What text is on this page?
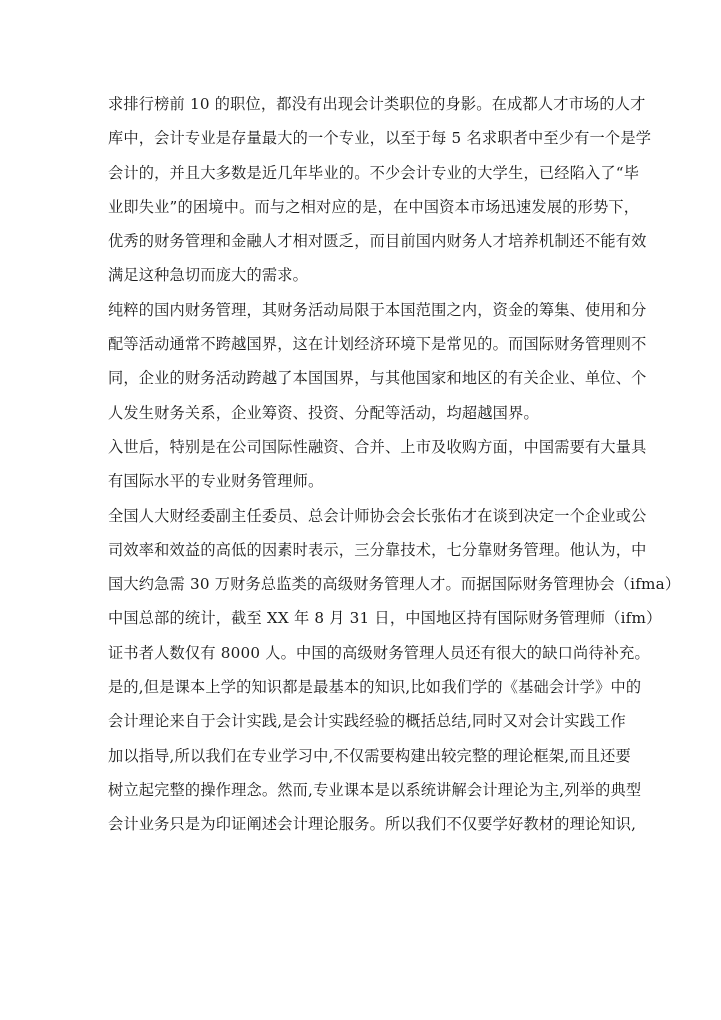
求排行榜前 10 的职位，都没有出现会计类职位的身影。在成都人才市场的人才
库中，会计专业是存量最大的一个专业，以至于每 5 名求职者中至少有一个是学
会计的，并且大多数是近几年毕业的。不少会计专业的大学生，已经陷入了“毕
业即失业”的困境中。而与之相对应的是，在中国资本市场迅速发展的形势下，
优秀的财务管理和金融人才相对匮乏，而目前国内财务人才培养机制还不能有效
满足这种急切而庞大的需求。
纯粹的国内财务管理，其财务活动局限于本国范围之内，资金的筹集、使用和分
配等活动通常不跨越国界，这在计划经济环境下是常见的。而国际财务管理则不
同，企业的财务活动跨越了本国国界，与其他国家和地区的有关企业、单位、个
人发生财务关系，企业筹资、投资、分配等活动，均超越国界。
入世后，特别是在公司国际性融资、合并、上市及收购方面，中国需要有大量具
有国际水平的专业财务管理师。
全国人大财经委副主任委员、总会计师协会会长张佑才在谈到决定一个企业或公
司效率和效益的高低的因素时表示，三分靠技术，七分靠财务管理。他认为，中
国大约急需 30 万财务总监类的高级财务管理人才。而据国际财务管理协会（ifma）
中国总部的统计，截至 XX 年 8 月 31 日，中国地区持有国际财务管理师（ifm）
证书者人数仅有 8000 人。中国的高级财务管理人员还有很大的缺口尚待补充。
是的,但是课本上学的知识都是最基本的知识,比如我们学的《基础会计学》中的
会计理论来自于会计实践,是会计实践经验的概括总结,同时又对会计实践工作
加以指导,所以我们在专业学习中,不仅需要构建出较完整的理论框架,而且还要
树立起完整的操作理念。然而,专业课本是以系统讲解会计理论为主,列举的典型
会计业务只是为印证阐述会计理论服务。所以我们不仅要学好教材的理论知识,
